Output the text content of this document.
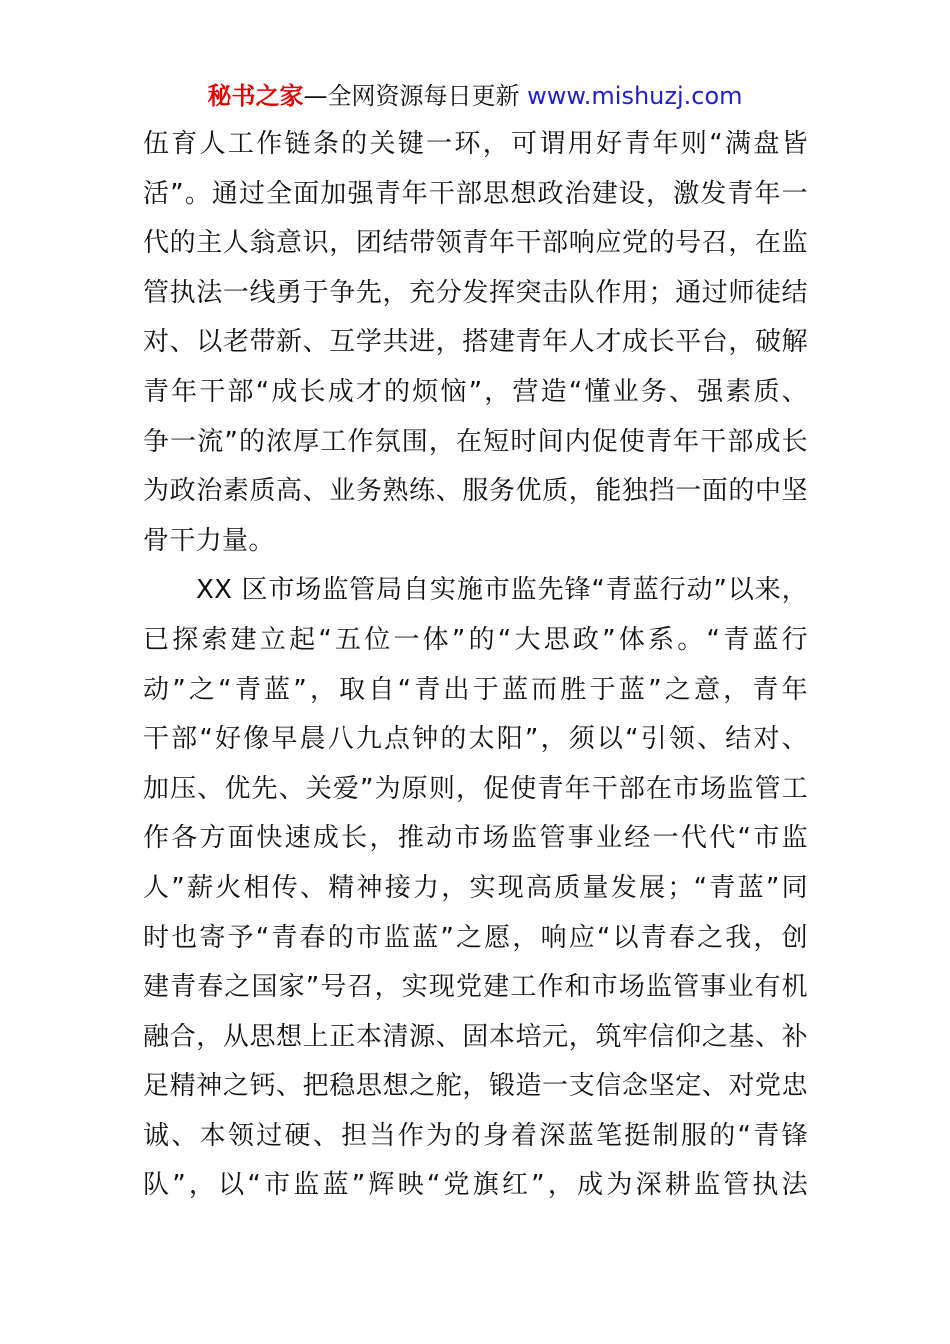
秘书之家—全网资源每日更新 www.mishuzj.com
伍育人工作链条的关键一环，可谓用好青年则“满盘皆
活”。通过全面加强青年干部思想政治建设，激发青年一
代的主人翁意识，团结带领青年干部响应党的号召，在监
管执法一线勇于争先，充分发挥突击队作用；通过师徒结
对、以老带新、互学共进，搭建青年人才成长平台，破解
青年干部“成长成才的烦恼”，营造“懂业务、强素质、
争一流”的浓厚工作氛围，在短时间内促使青年干部成长
为政治素质高、业务熟练、服务优质，能独挡一面的中坚
骨干力量。
XX 区市场监管局自实施市监先锋“青蓝行动”以来，
已探索建立起“五位一体”的“大思政”体系。“青蓝行
动”之“青蓝”，取自“青出于蓝而胜于蓝”之意，青年
干部“好像早晨八九点钟的太阳”，须以“引领、结对、
加压、优先、关爱”为原则，促使青年干部在市场监管工
作各方面快速成长，推动市场监管事业经一代代“市监
人”薪火相传、精神接力，实现高质量发展；“青蓝”同
时也寄予“青春的市监蓝”之愿，响应“以青春之我，创
建青春之国家”号召，实现党建工作和市场监管事业有机
融合，从思想上正本清源、固本培元，筑牢信仰之基、补
足精神之钙、把稳思想之舵，锻造一支信念坚定、对党忠
诚、本领过硬、担当作为的身着深蓝笔挺制服的“青锋
队”，以“市监蓝”辉映“党旗红”，成为深耕监管执法
